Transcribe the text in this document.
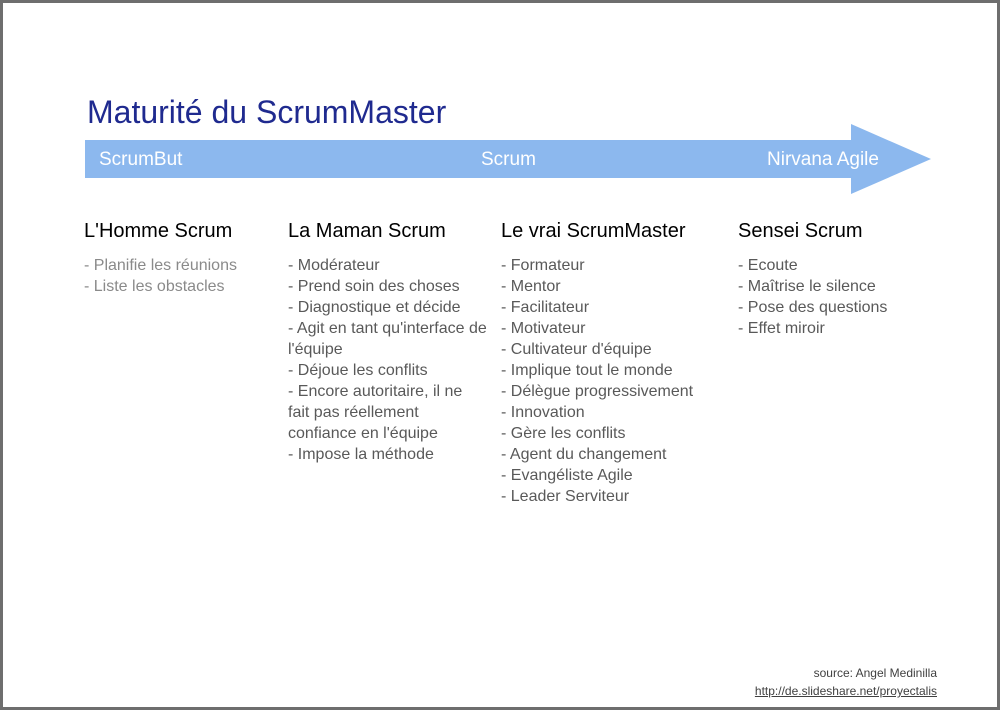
Maturité du ScrumMaster
ScrumBut	Scrum	Nirvana Agile
L'Homme Scrum
- Planifie les réunions
- Liste les obstacles
La Maman Scrum
- Modérateur
- Prend soin des choses
- Diagnostique et décide
- Agit en tant qu'interface de l'équipe
- Déjoue les conflits
- Encore autoritaire, il ne fait pas réellement confiance en l'équipe
- Impose la méthode
Le vrai ScrumMaster
- Formateur
- Mentor
- Facilitateur
- Motivateur
- Cultivateur d'équipe
- Implique tout le monde
- Délègue progressivement
- Innovation
- Gère les conflits
- Agent du changement
- Evangéliste Agile
- Leader Serviteur
Sensei Scrum
- Ecoute
- Maîtrise le silence
- Pose des questions
- Effet miroir
source: Angel Medinilla
http://de.slideshare.net/proyectalis
